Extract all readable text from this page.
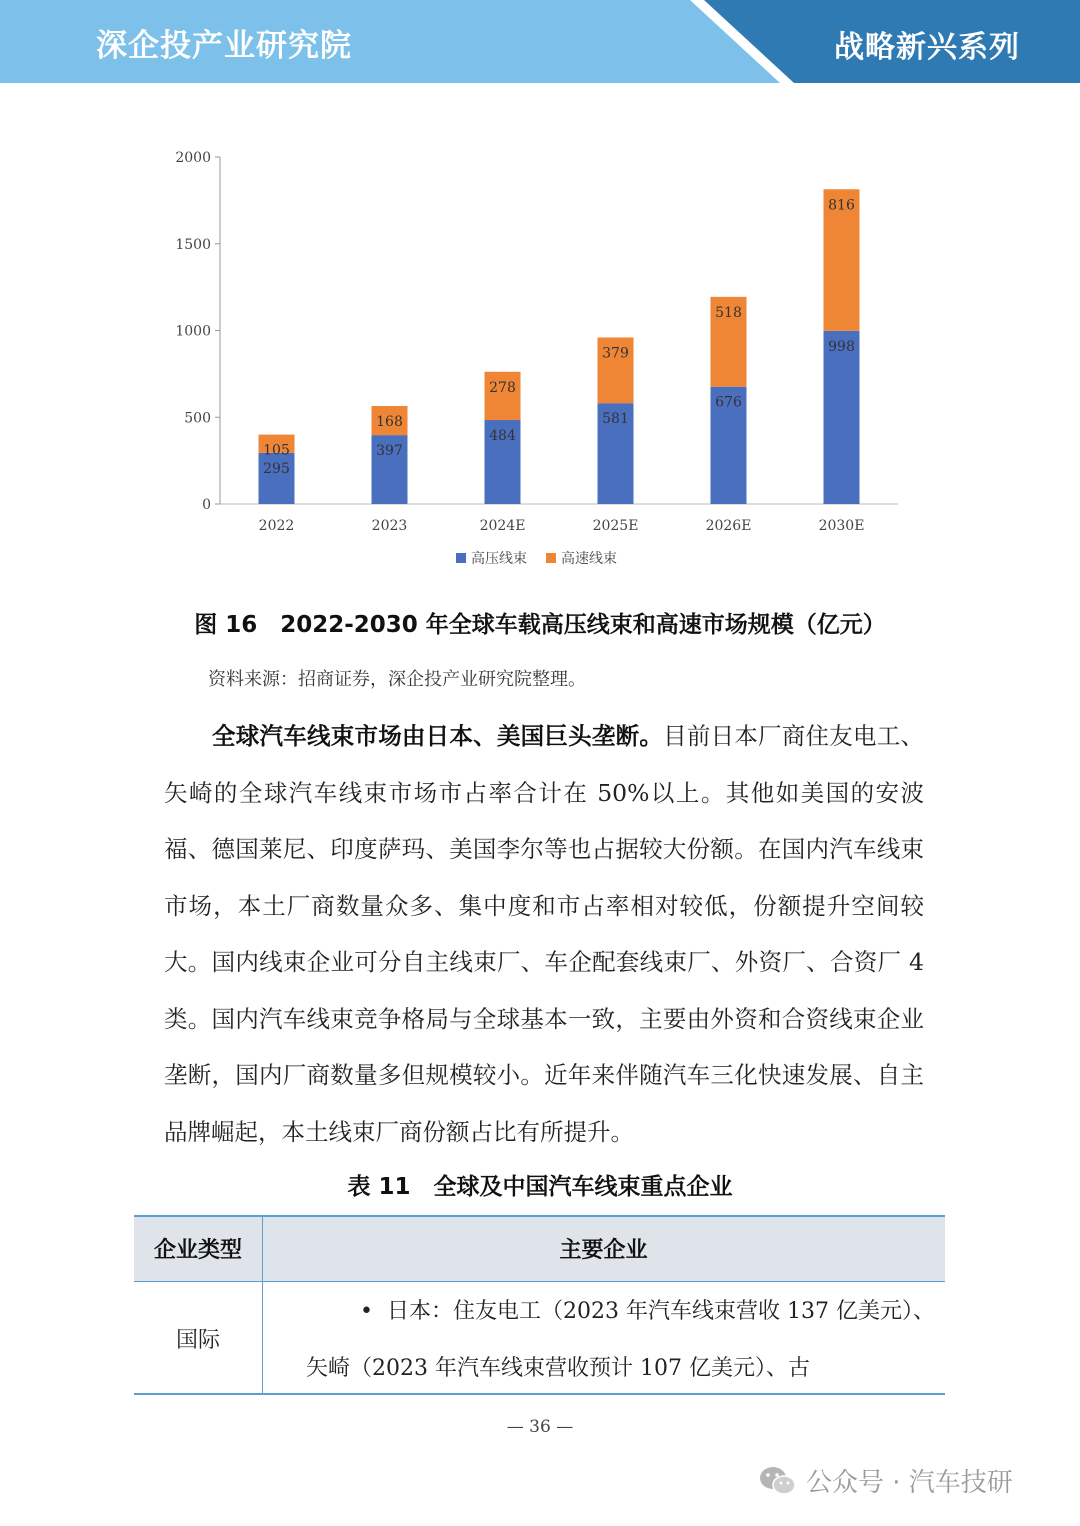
深企投产业研究院	战略新兴系列
0
500
1000
1500
2000
295
105
2022
397
168
2023
484
278
2024E
581
379
2025E
676
518
2026E
998
816
2030E
高压线束 高速线束
图 16　2022-2030 年全球车载高压线束和高速市场规模（亿元）
资料来源：招商证券，深企投产业研究院整理。
全球汽车线束市场由日本、美国巨头垄断。目前日本厂商住友电工、矢崎的全球汽车线束市场市占率合计在 50%以上。其他如美国的安波福、德国莱尼、印度萨玛、美国李尔等也占据较大份额。在国内汽车线束市场，本土厂商数量众多、集中度和市占率相对较低，份额提升空间较大。国内线束企业可分自主线束厂、车企配套线束厂、外资厂、合资厂 4 类。国内汽车线束竞争格局与全球基本一致，主要由外资和合资线束企业垄断，国内厂商数量多但规模较小。近年来伴随汽车三化快速发展、自主品牌崛起，本土线束厂商份额占比有所提升。
表 11　全球及中国汽车线束重点企业
企业类型	主要企业
国际
• 日本：住友电工（2023 年汽车线束营收 137 亿美元）、矢崎（2023 年汽车线束营收预计 107 亿美元）、古
— 36 —
公众号 · 汽车技研
